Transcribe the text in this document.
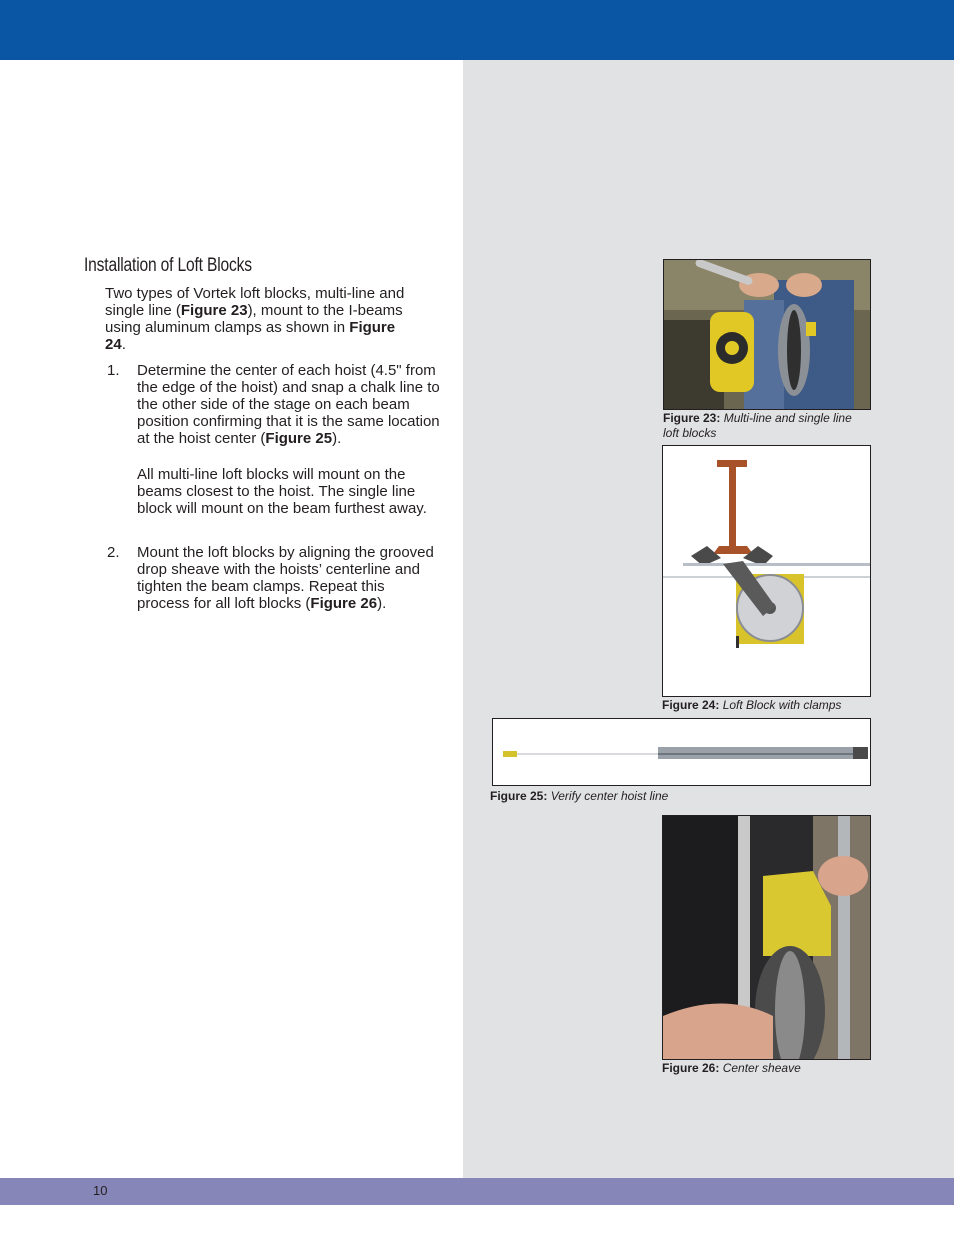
Installation of Loft Blocks
Two types of Vortek loft blocks, multi-line and single line (Figure 23), mount to the I-beams using aluminum clamps as shown in Figure 24.
1. Determine the center of each hoist (4.5" from the edge of the hoist) and snap a chalk line to the other side of the stage on each beam position confirming that it is the same location at the hoist center (Figure 25).
All multi-line loft blocks will mount on the beams closest to the hoist. The single line block will mount on the beam furthest away.
2. Mount the loft blocks by aligning the grooved drop sheave with the hoists’ centerline and tighten the beam clamps. Repeat this process for all loft blocks (Figure 26).
Figure 23: Multi-line and single line loft blocks
Figure 24: Loft Block with clamps
Figure 25: Verify center hoist line
Figure 26: Center sheave
10
